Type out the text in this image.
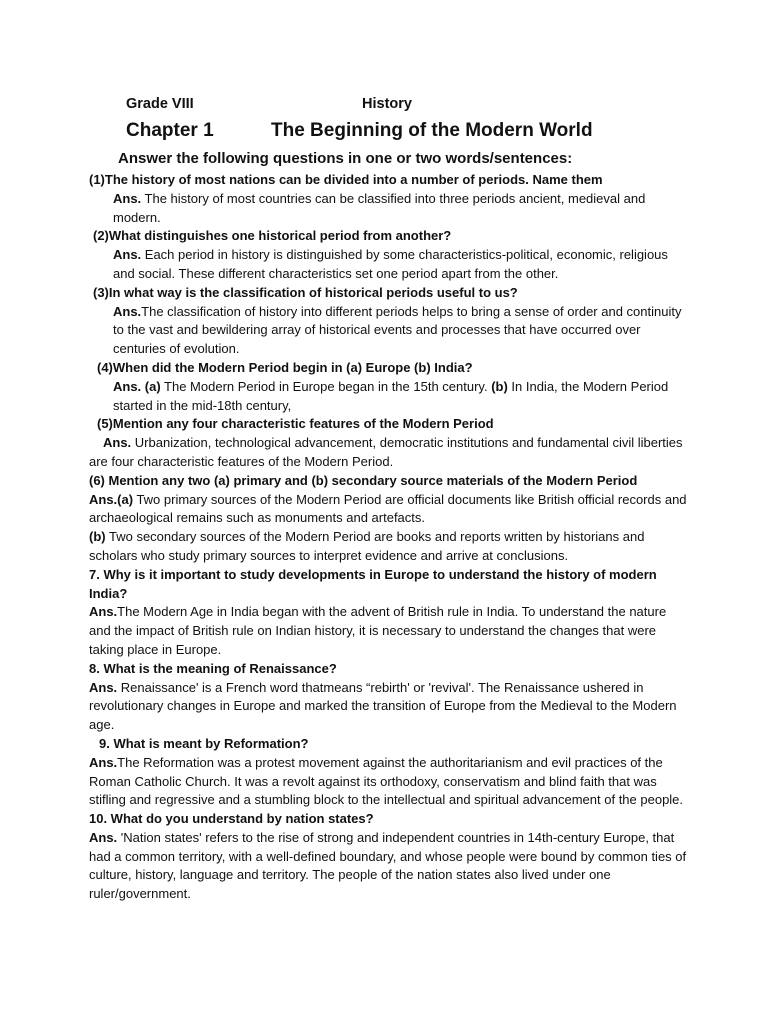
Grade VIII	History
Chapter 1	The Beginning of the Modern World
Answer the following questions in one or two words/sentences:

(1)The history of most nations can be divided into a number of periods. Name them

Ans. The history of most countries can be classified into three periods ancient, medieval and modern.

(2)What distinguishes one historical period from another?

Ans. Each period in history is distinguished by some characteristics-political, economic, religious and social. These different characteristics set one period apart from the other.

(3)In what way is the classification of historical periods useful to us?

Ans.The classification of history into different periods helps to bring a sense of order and continuity to the vast and bewildering array of historical events and processes that have occurred over centuries of evolution.

(4)When did the Modern Period begin in (a) Europe (b) India?

Ans. (a) The Modern Period in Europe began in the 15th century. (b) In India, the Modern Period started in the mid-18th century,

(5)Mention any four characteristic features of the Modern Period

Ans. Urbanization, technological advancement, democratic institutions and fundamental civil liberties are four characteristic features of the Modern Period.

(6) Mention any two (a) primary and (b) secondary source materials of the Modern Period

Ans.(a) Two primary sources of the Modern Period are official documents like British official records and archaeological remains such as monuments and artefacts.

(b) Two secondary sources of the Modern Period are books and reports written by historians and scholars who study primary sources to interpret evidence and arrive at conclusions.

7. Why is it important to study developments in Europe to understand the history of modern India?

Ans.The Modern Age in India began with the advent of British rule in India. To understand the nature and the impact of British rule on Indian history, it is necessary to understand the changes that were taking place in Europe.

8. What is the meaning of Renaissance?

Ans. Renaissance' is a French word thatmeans “rebirth' or 'revival'. The Renaissance ushered in revolutionary changes in Europe and marked the transition of Europe from the Medieval to the Modern age.

9. What is meant by Reformation?

Ans.The Reformation was a protest movement against the authoritarianism and evil practices of the Roman Catholic Church. It was a revolt against its orthodoxy, conservatism and blind faith that was stifling and regressive and a stumbling block to the intellectual and spiritual advancement of the people.

10. What do you understand by nation states?

Ans. 'Nation states' refers to the rise of strong and independent countries in 14th-century Europe, that had a common territory, with a well-defined boundary, and whose people were bound by common ties of culture, history, language and territory. The people of the nation states also lived under one ruler/government.
